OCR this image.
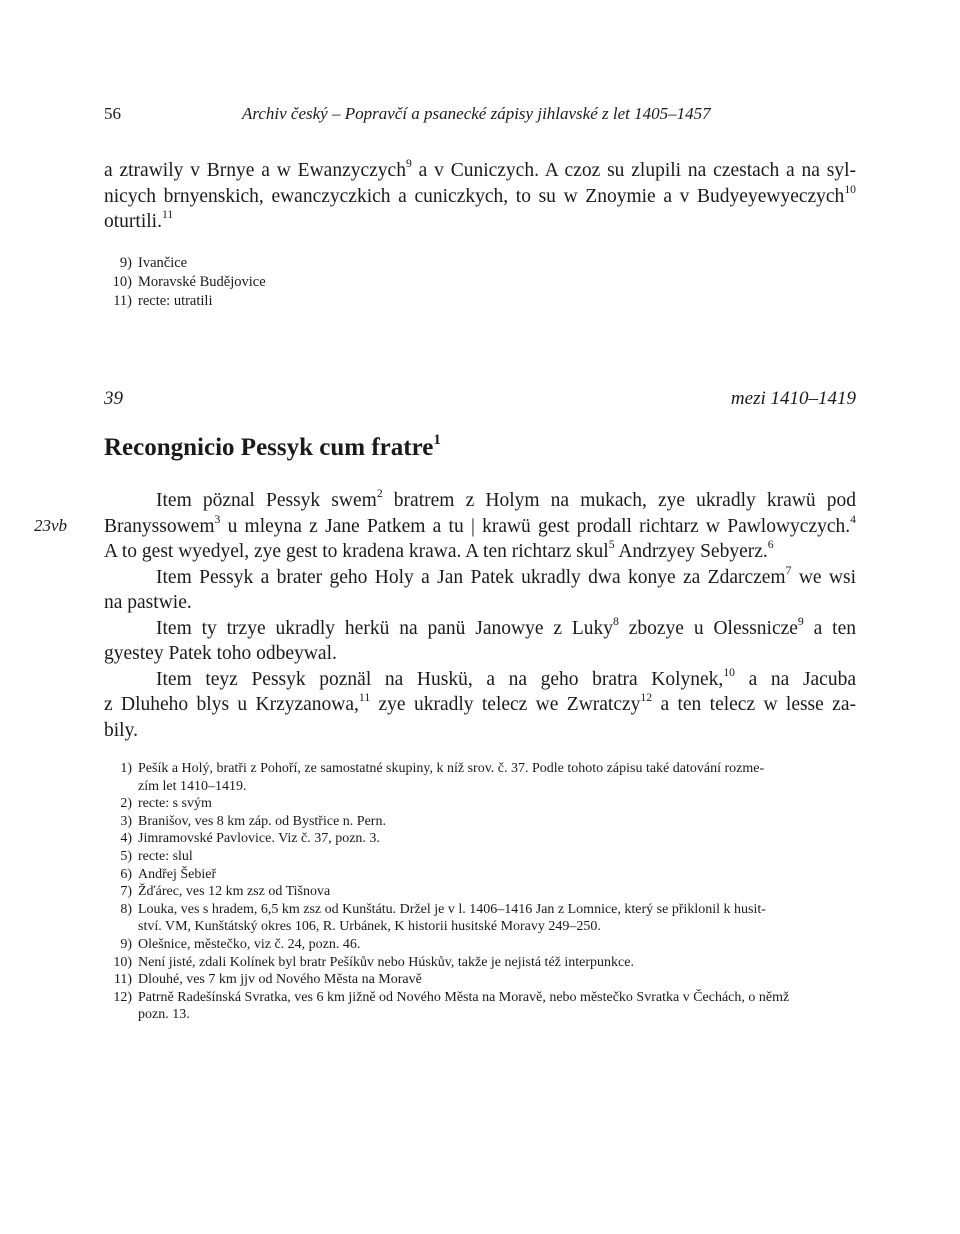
56	Archiv český – Popravčí a psanecké zápisy jihlavské z let 1405–1457
a ztrawily v Brnye a w Ewanzyczych$^9$ a v Cuniczych. A czoz su zlupili na czestach a na syl-
nicych brnyenskich, ewanczyczkich a cuniczkych, to su w Znoymie a v Budyeyewyeczych$^{10}$
oturtili.$^{11}$
9) Ivančice
10) Moravské Budějovice
11) recte: utratili
39	mezi 1410–1419
Recongnicio Pessyk cum fratre$^1$
23vb
Item pöznal Pessyk swem$^2$ bratrem z Holym na mukach, zye ukradly krawü pod
Branyssowem$^3$ u mleyna z Jane Patkem a tu | krawü gest prodall richtarz w Pawlowyczych.$^4$
A to gest wyedyel, zye gest to kradena krawa. A ten richtarz skul$^5$ Andrzyey Sebyerz.$^6$
Item Pessyk a brater geho Holy a Jan Patek ukradly dwa konye za Zdarczem$^7$ we wsi
na pastwie.
Item ty trzye ukradly herkü na panü Janowye z Luky$^8$ zbozye u Olessnicze$^9$ a ten
gyestey Patek toho odbeywal.
Item teyz Pessyk poznäl na Huskü, a na geho bratra Kolynek,$^{10}$ a na Jacuba
z Dluheho blys u Krzyzanowa,$^{11}$ zye ukradly telecz we Zwratczy$^{12}$ a ten telecz w lesse za-
bily.
1) Pešík a Holý, bratři z Pohoří, ze samostatné skupiny, k níž srov. č. 37. Podle tohoto zápisu také datování rozme-
zím let 1410–1419.
2) recte: s svým
3) Branišov, ves 8 km záp. od Bystřice n. Pern.
4) Jimramovské Pavlovice. Viz č. 37, pozn. 3.
5) recte: slul
6) Andřej Šebieř
7) Žďárec, ves 12 km zsz od Tišnova
8) Louka, ves s hradem, 6,5 km zsz od Kunštátu. Držel je v l. 1406–1416 Jan z Lomnice, který se přiklonil k husit-
ství. VM, Kunštátský okres 106, R. Urbánek, K historii husitské Moravy 249–250.
9) Olešnice, městečko, viz č. 24, pozn. 46.
10) Není jisté, zdali Kolínek byl bratr Pešíkův nebo Húskův, takže je nejistá též interpunkce.
11) Dlouhé, ves 7 km jjv od Nového Města na Moravě
12) Patrně Radešínská Svratka, ves 6 km jižně od Nového Města na Moravě, nebo městečko Svratka v Čechách, o němž
pozn. 13.
